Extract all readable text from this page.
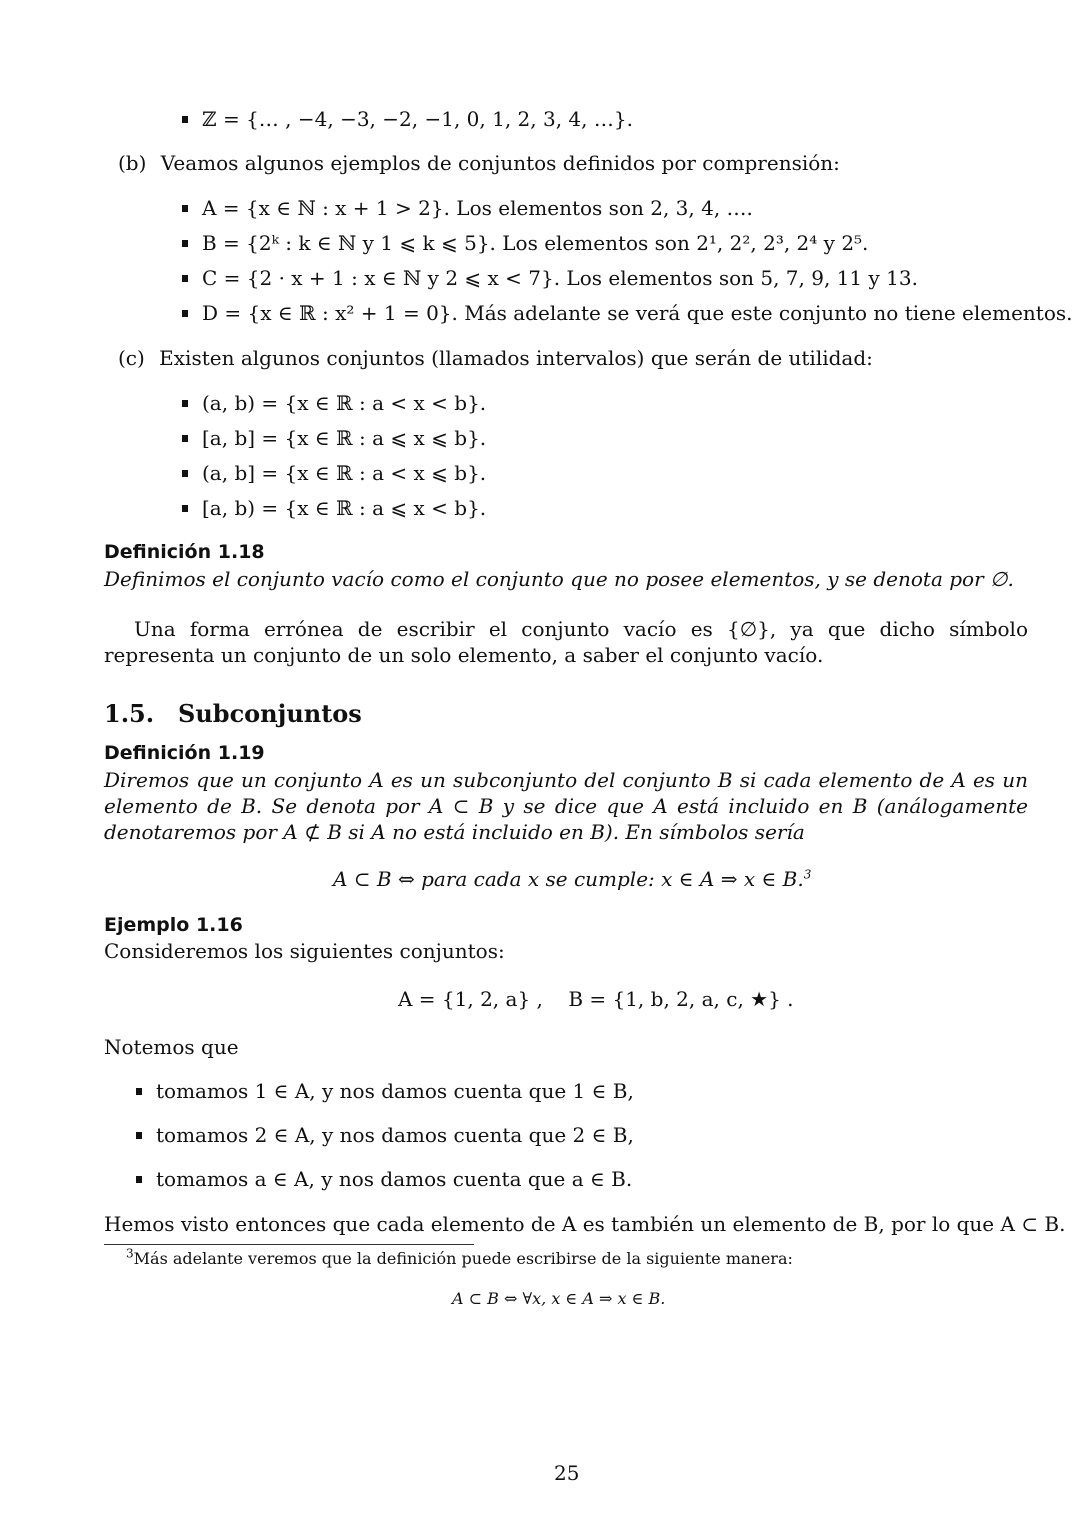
ℤ = {… , −4, −3, −2, −1, 0, 1, 2, 3, 4, …}.
(b) Veamos algunos ejemplos de conjuntos definidos por comprensión:
A = {x ∈ ℕ : x + 1 > 2}. Los elementos son 2, 3, 4, ….
B = {2ᵏ : k ∈ ℕ y 1 ⩽ k ⩽ 5}. Los elementos son 2¹, 2², 2³, 2⁴ y 2⁵.
C = {2 · x + 1 : x ∈ ℕ y 2 ⩽ x < 7}. Los elementos son 5, 7, 9, 11 y 13.
D = {x ∈ ℝ : x² + 1 = 0}. Más adelante se verá que este conjunto no tiene elementos.
(c) Existen algunos conjuntos (llamados intervalos) que serán de utilidad:
(a, b) = {x ∈ ℝ : a < x < b}.
[a, b] = {x ∈ ℝ : a ⩽ x ⩽ b}.
(a, b] = {x ∈ ℝ : a < x ⩽ b}.
[a, b) = {x ∈ ℝ : a ⩽ x < b}.
Definición 1.18
Definimos el conjunto vacío como el conjunto que no posee elementos, y se denota por ∅.
Una forma errónea de escribir el conjunto vacío es {∅}, ya que dicho símbolo representa un conjunto de un solo elemento, a saber el conjunto vacío.
1.5. Subconjuntos
Definición 1.19
Diremos que un conjunto A es un subconjunto del conjunto B si cada elemento de A es un elemento de B. Se denota por A ⊂ B y se dice que A está incluido en B (análogamente denotaremos por A ⊄ B si A no está incluido en B). En símbolos sería
A ⊂ B ⇔ para cada x se cumple: x ∈ A ⇒ x ∈ B.$^3$
Ejemplo 1.16
Consideremos los siguientes conjuntos:
A = {1, 2, a} ,    B = {1, b, 2, a, c, ★} .
Notemos que
tomamos 1 ∈ A, y nos damos cuenta que 1 ∈ B,
tomamos 2 ∈ A, y nos damos cuenta que 2 ∈ B,
tomamos a ∈ A, y nos damos cuenta que a ∈ B.
Hemos visto entonces que cada elemento de A es también un elemento de B, por lo que A ⊂ B.
$^3$Más adelante veremos que la definición puede escribirse de la siguiente manera:
A ⊂ B ⇔ ∀x, x ∈ A ⇒ x ∈ B.
25
